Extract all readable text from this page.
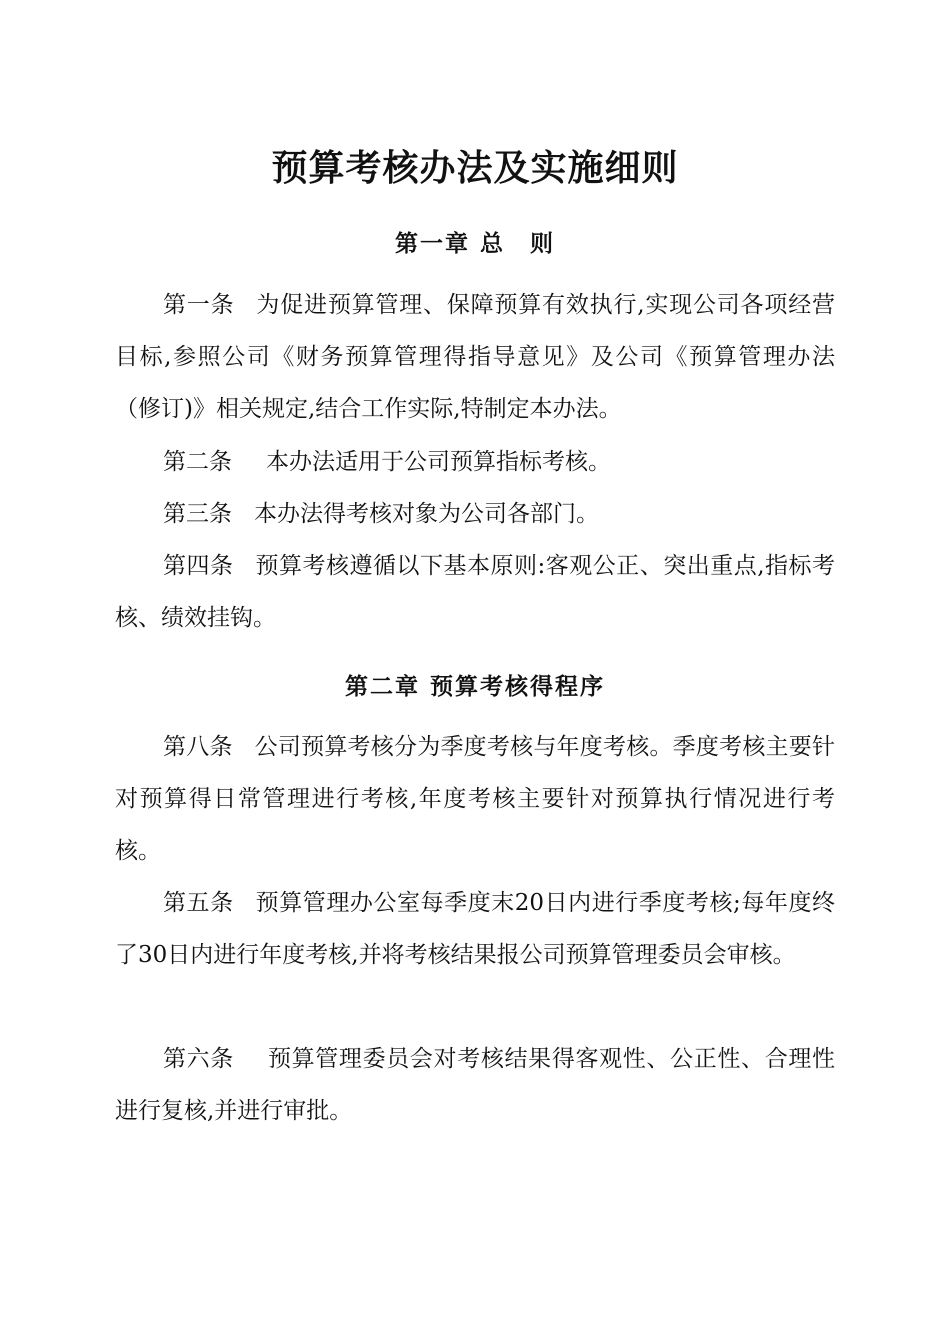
预算考核办法及实施细则
第一章 总　则

第一条 为促进预算管理、保障预算有效执行,实现公司各项经营目标,参照公司《财务预算管理得指导意见》及公司《预算管理办法（修订)》相关规定,结合工作实际,特制定本办法。

第二条 本办法适用于公司预算指标考核。

第三条 本办法得考核对象为公司各部门。

第四条 预算考核遵循以下基本原则:客观公正、突出重点,指标考核、绩效挂钩。

第二章 预算考核得程序

第八条 公司预算考核分为季度考核与年度考核。季度考核主要针对预算得日常管理进行考核,年度考核主要针对预算执行情况进行考核。

第五条 预算管理办公室每季度末20日内进行季度考核;每年度终了30日内进行年度考核,并将考核结果报公司预算管理委员会审核。

第六条 预算管理委员会对考核结果得客观性、公正性、合理性进行复核,并进行审批。
